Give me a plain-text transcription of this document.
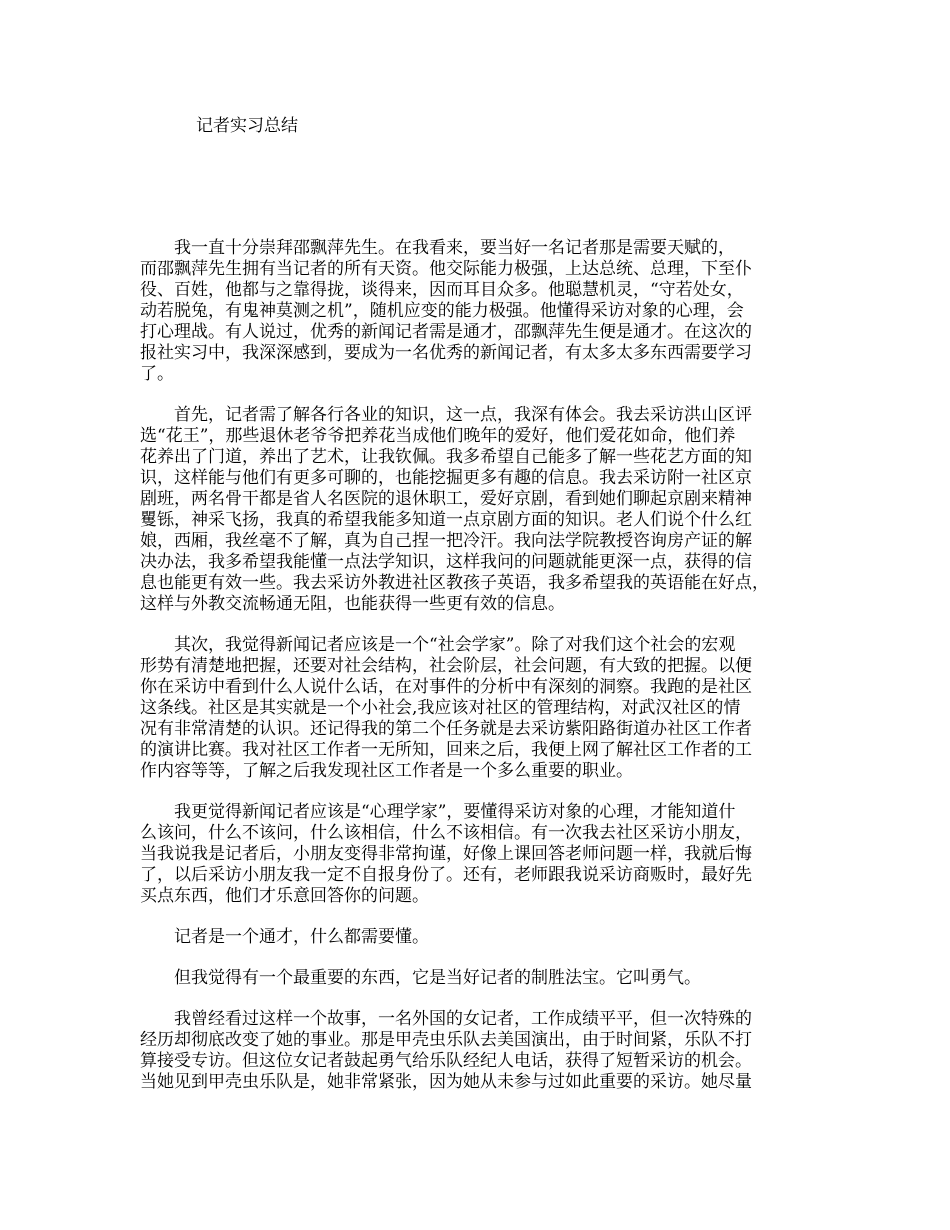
记者实习总结
　　我一直十分崇拜邵飘萍先生。在我看来，要当好一名记者那是需要天赋的，
而邵飘萍先生拥有当记者的所有天资。他交际能力极强，上达总统、总理，下至仆
役、百姓，他都与之靠得拢，谈得来，因而耳目众多。他聪慧机灵，“守若处女，
动若脱兔，有鬼神莫测之机”，随机应变的能力极强。他懂得采访对象的心理，会
打心理战。有人说过，优秀的新闻记者需是通才，邵飘萍先生便是通才。在这次的
报社实习中，我深深感到，要成为一名优秀的新闻记者，有太多太多东西需要学习
了。
　　首先，记者需了解各行各业的知识，这一点，我深有体会。我去采访洪山区评
选“花王”，那些退休老爷爷把养花当成他们晚年的爱好，他们爱花如命，他们养
花养出了门道，养出了艺术，让我钦佩。我多希望自己能多了解一些花艺方面的知
识，这样能与他们有更多可聊的，也能挖掘更多有趣的信息。我去采访附一社区京
剧班，两名骨干都是省人名医院的退休职工，爱好京剧，看到她们聊起京剧来精神
矍铄，神采飞扬，我真的希望我能多知道一点京剧方面的知识。老人们说个什么红
娘，西厢，我丝毫不了解，真为自己捏一把冷汗。我向法学院教授咨询房产证的解
决办法，我多希望我能懂一点法学知识，这样我问的问题就能更深一点，获得的信
息也能更有效一些。我去采访外教进社区教孩子英语，我多希望我的英语能在好点，
这样与外教交流畅通无阻，也能获得一些更有效的信息。
　　其次，我觉得新闻记者应该是一个“社会学家”。除了对我们这个社会的宏观
形势有清楚地把握，还要对社会结构，社会阶层，社会问题，有大致的把握。以便
你在采访中看到什么人说什么话，在对事件的分析中有深刻的洞察。我跑的是社区
这条线。社区是其实就是一个小社会,我应该对社区的管理结构，对武汉社区的情
况有非常清楚的认识。还记得我的第二个任务就是去采访紫阳路街道办社区工作者
的演讲比赛。我对社区工作者一无所知，回来之后，我便上网了解社区工作者的工
作内容等等，了解之后我发现社区工作者是一个多么重要的职业。
　　我更觉得新闻记者应该是“心理学家”，要懂得采访对象的心理，才能知道什
么该问，什么不该问，什么该相信，什么不该相信。有一次我去社区采访小朋友，
当我说我是记者后，小朋友变得非常拘谨，好像上课回答老师问题一样，我就后悔
了，以后采访小朋友我一定不自报身份了。还有，老师跟我说采访商贩时，最好先
买点东西，他们才乐意回答你的问题。
　　记者是一个通才，什么都需要懂。
　　但我觉得有一个最重要的东西，它是当好记者的制胜法宝。它叫勇气。
　　我曾经看过这样一个故事，一名外国的女记者，工作成绩平平，但一次特殊的
经历却彻底改变了她的事业。那是甲壳虫乐队去美国演出，由于时间紧，乐队不打
算接受专访。但这位女记者鼓起勇气给乐队经纪人电话，获得了短暂采访的机会。
当她见到甲壳虫乐队是，她非常紧张，因为她从未参与过如此重要的采访。她尽量
